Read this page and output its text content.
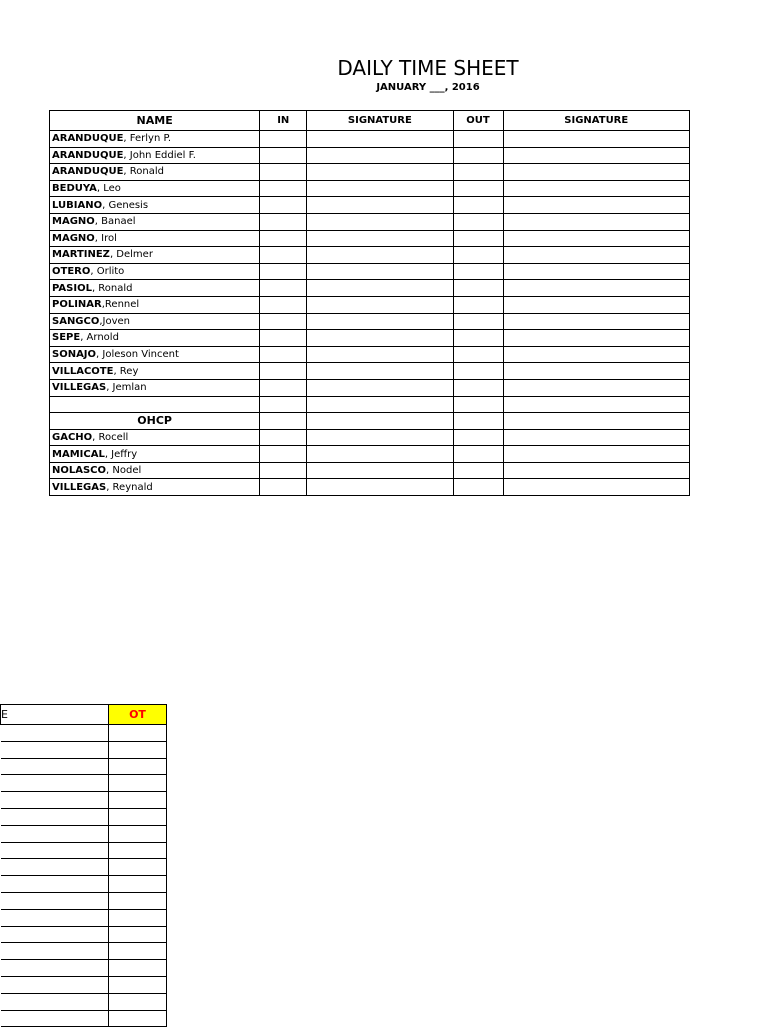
DAILY TIME SHEET
JANUARY ___, 2016
NAME	IN	SIGNATURE	OUT	SIGNATURE
ARANDUQUE, Ferlyn P.				
ARANDUQUE, John Eddiel F.				
ARANDUQUE, Ronald				
BEDUYA, Leo				
LUBIANO, Genesis				
MAGNO, Banael				
MAGNO, Irol				
MARTINEZ, Delmer				
OTERO, Orlito				
PASIOL, Ronald				
POLINAR,Rennel				
SANGCO,Joven				
SEPE, Arnold				
SONAJO, Joleson Vincent				
VILLACOTE, Rey				
VILLEGAS, Jemlan				

OHCP				
GACHO, Rocell				
MAMICAL, Jeffry				
NOLASCO, Nodel				
VILLEGAS, Reynald				
E	OT
